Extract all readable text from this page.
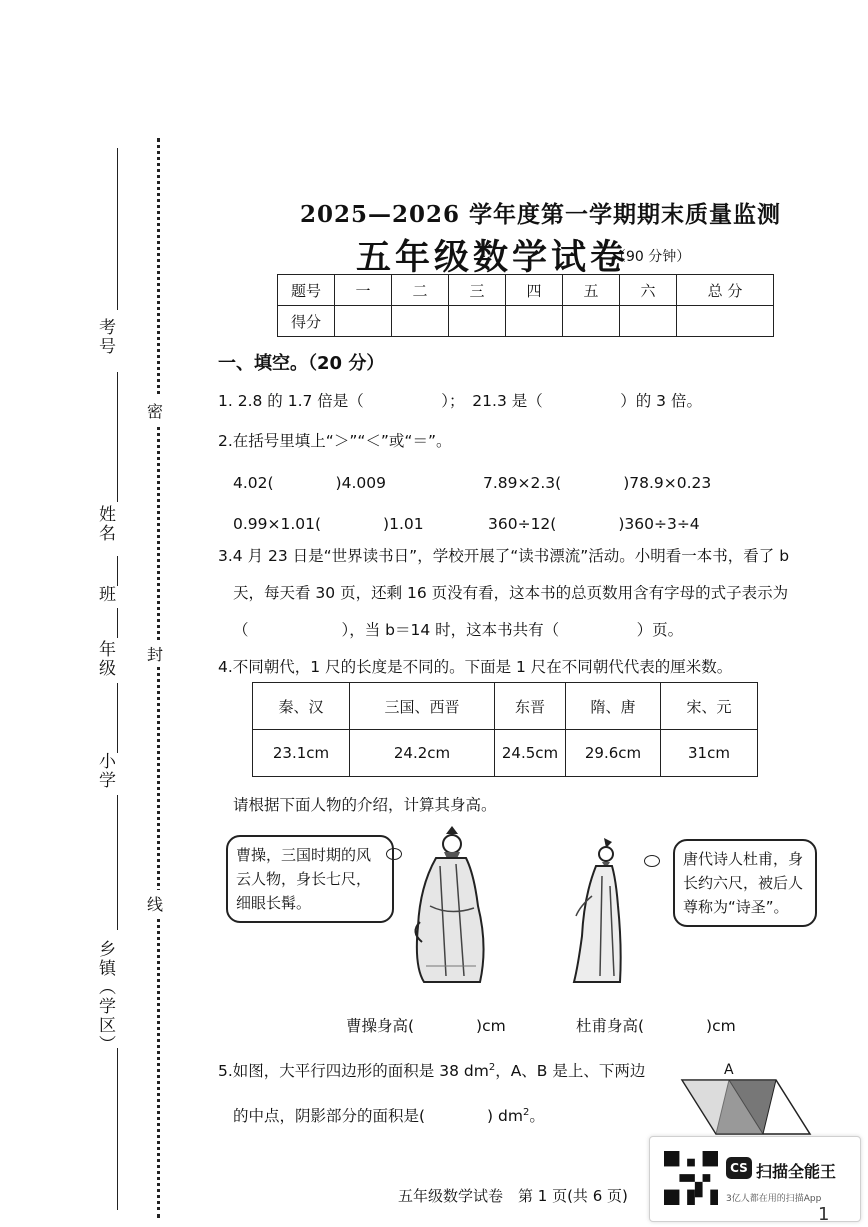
考号
姓名
班
年级
小学
乡镇（学区）
密
封
线
2025—2026 学年度第一学期期末质量监测
五年级数学试卷
（90 分钟）
题号	一	二	三	四	五	六	总 分
得分							
一、填空。（20 分）
1. 2.8 的 1.7 倍是（　　　　　）；　21.3 是（　　　　　）的 3 倍。
2.在括号里填上“＞”“＜”或“＝”。
4.02(　　　　)4.009	7.89×2.3(　　　　)78.9×0.23
0.99×1.01(　　　　)1.01	360÷12(　　　　)360÷3÷4
3.4 月 23 日是“世界读书日”，学校开展了“读书漂流”活动。小明看一本书，看了 b
天，每天看 30 页，还剩 16 页没有看，这本书的总页数用含有字母的式子表示为
（　　　　　　），当 b＝14 时，这本书共有（　　　　　）页。
4.不同朝代，1 尺的长度是不同的。下面是 1 尺在不同朝代代表的厘米数。
秦、汉	三国、西晋	东晋	隋、唐	宋、元
23.1cm	24.2cm	24.5cm	29.6cm	31cm
请根据下面人物的介绍，计算其身高。
曹操，三国时期的风云人物，身长七尺，细眼长髯。
唐代诗人杜甫，身长约六尺，被后人尊称为“诗圣”。
曹操身高(　　　　)cm	杜甫身高(　　　　)cm
5.如图，大平行四边形的面积是 38 $dm^2$，A、B 是上、下两边
的中点，阴影部分的面积是(　　　　) $dm^2$。
A
五年级数学试卷　第 1 页(共 6 页)
CS 扫描全能王
3亿人都在用的扫描App
1
